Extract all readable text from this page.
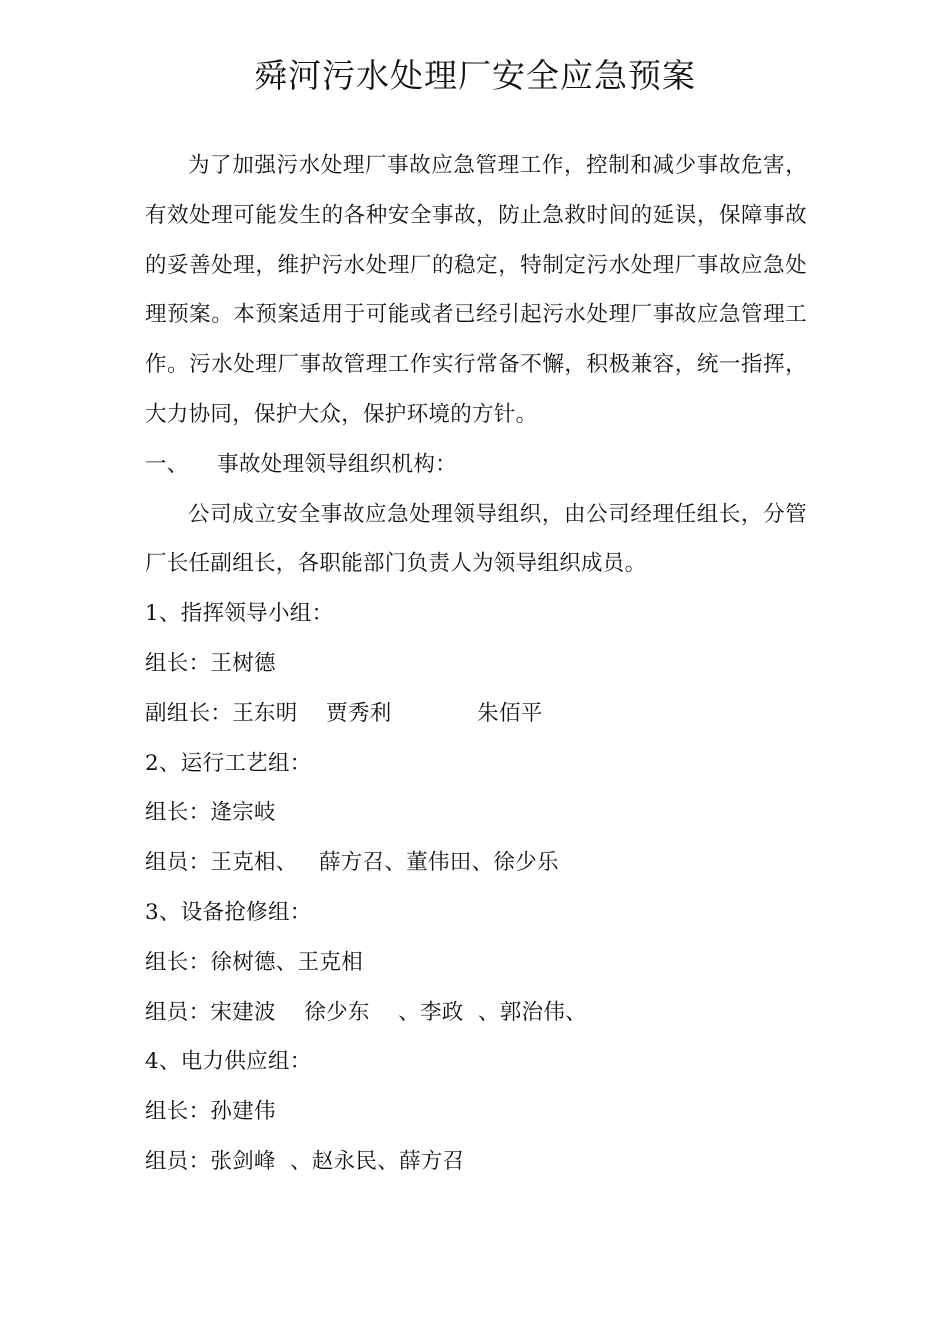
舜河污水处理厂安全应急预案

为了加强污水处理厂事故应急管理工作，控制和减少事故危害，有效处理可能发生的各种安全事故，防止急救时间的延误，保障事故的妥善处理，维护污水处理厂的稳定，特制定污水处理厂事故应急处理预案。本预案适用于可能或者已经引起污水处理厂事故应急管理工作。污水处理厂事故管理工作实行常备不懈，积极兼容，统一指挥，大力协同，保护大众，保护环境的方针。

一、    事故处理领导组织机构：

公司成立安全事故应急处理领导组织，由公司经理任组长，分管厂长任副组长，各职能部门负责人为领导组织成员。

1、指挥领导小组：

组长：王树德

副组长：王东明    贾秀利            朱佰平

2、运行工艺组：

组长：逄宗岐

组员：王克相、   薛方召、董伟田、徐少乐

3、设备抢修组：

组长：徐树德、王克相

组员：宋建波    徐少东    、李政  、郭治伟、

4、电力供应组：

组长：孙建伟

组员：张剑峰  、赵永民、薛方召
